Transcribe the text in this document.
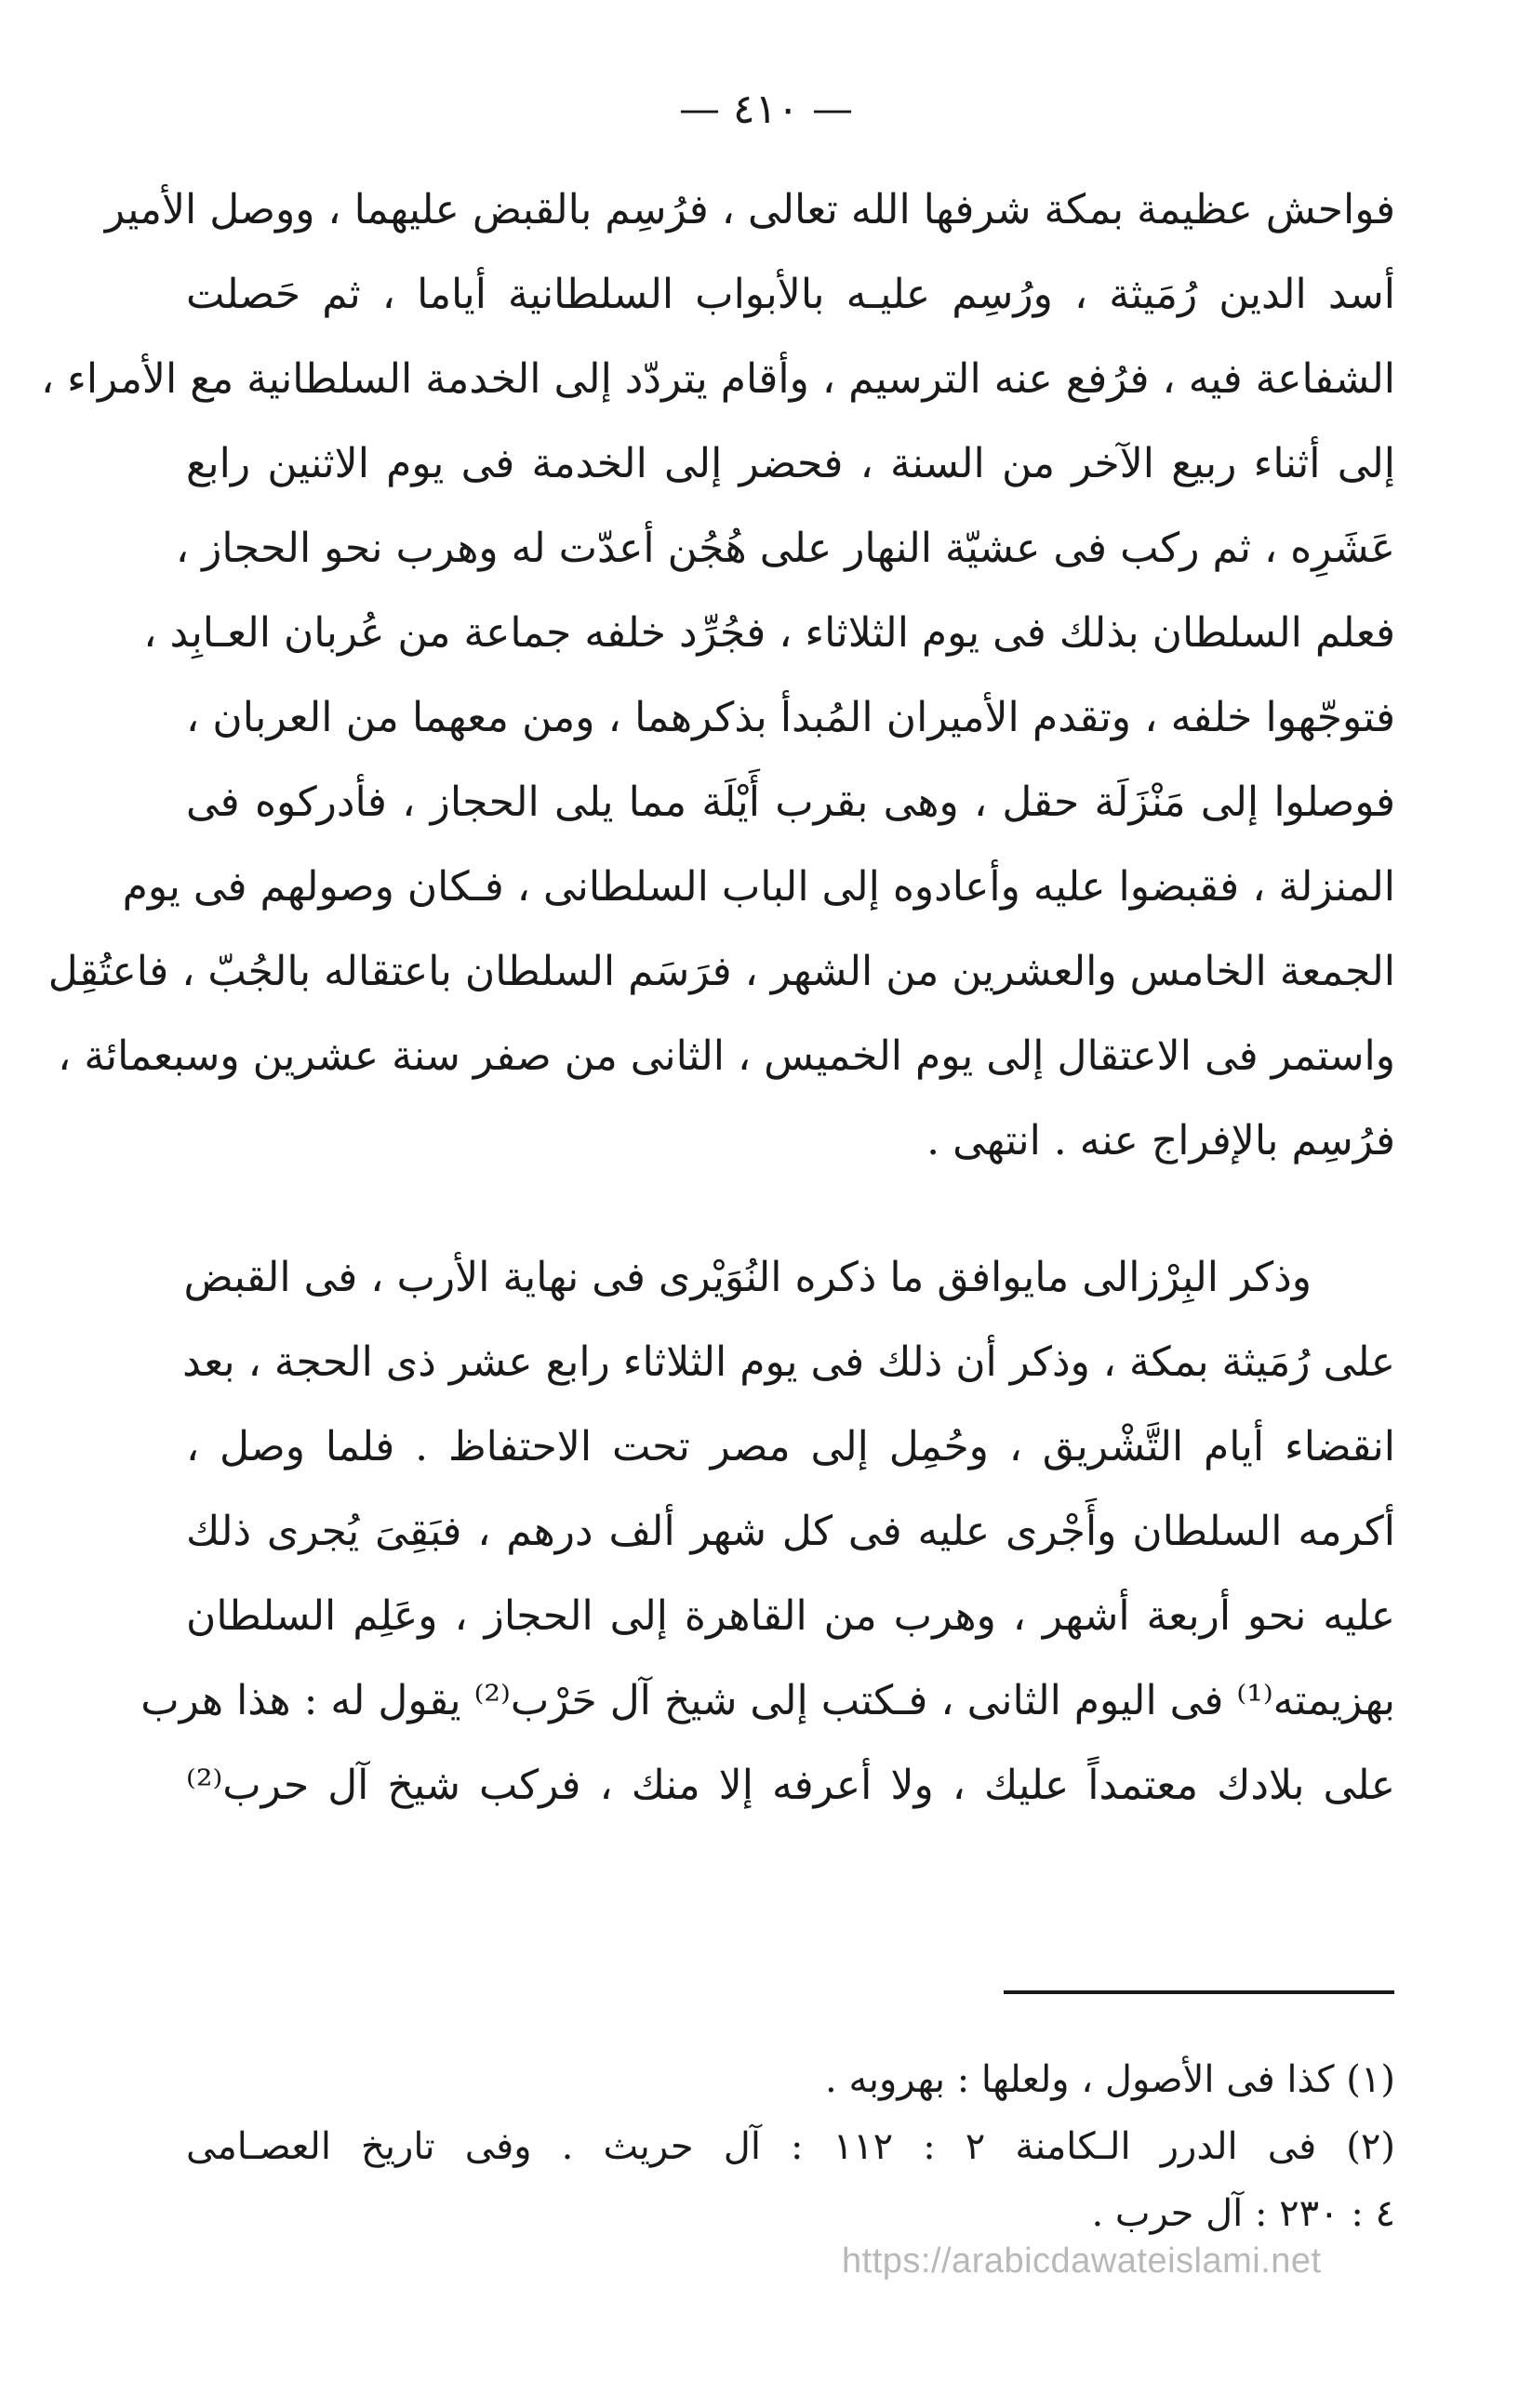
— ٤١٠ —
فواحش عظيمة بمكة شرفها الله تعالى ، فرُسِم بالقبض عليهما ، ووصل الأمير
أسد الدين رُمَيثة ، ورُسِم عليـه بالأبواب السلطانية أياما ، ثم حَصلت
الشفاعة فيه ، فرُفع عنه الترسيم ، وأقام يتردّد إلى الخدمة السلطانية مع الأمراء ،
إلى أثناء ربيع الآخر من السنة ، فحضر إلى الخدمة فى يوم الاثنين رابع
عَشَرِه ، ثم ركب فى عشيّة النهار على هُجُن أعدّت له وهرب نحو الحجاز ،
فعلم السلطان بذلك فى يوم الثلاثاء ، فجُرِّد خلفه جماعة من عُربان العـابِد ،
فتوجّهوا خلفه ، وتقدم الأميران المُبدأ بذكرهما ، ومن معهما من العربان ،
فوصلوا إلى مَنْزَلَة حقل ، وهى بقرب أَيْلَة مما يلى الحجاز ، فأدركوه فى
المنزلة ، فقبضوا عليه وأعادوه إلى الباب السلطانى ، فـكان وصولهم فى يوم
الجمعة الخامس والعشرين من الشهر ، فرَسَم السلطان باعتقاله بالجُبّ ، فاعتُقِل
واستمر فى الاعتقال إلى يوم الخميس ، الثانى من صفر سنة عشرين وسبعمائة ،
فرُسِم بالإفراج عنه . انتهى .
وذكر البِرْزالى مايوافق ما ذكره النُوَيْرى فى نهاية الأرب ، فى القبض
على رُمَيثة بمكة ، وذكر أن ذلك فى يوم الثلاثاء رابع عشر ذى الحجة ، بعد
انقضاء أيام التَّشْريق ، وحُمِل إلى مصر تحت الاحتفاظ . فلما وصل ،
أكرمه السلطان وأَجْرى عليه فى كل شهر ألف درهم ، فبَقِىَ يُجرى ذلك
عليه نحو أربعة أشهر ، وهرب من القاهرة إلى الحجاز ، وعَلِم السلطان
بهزيمته⁽¹⁾ فى اليوم الثانى ، فـكتب إلى شيخ آل حَرْب⁽²⁾ يقول له : هذا هرب
على بلادك معتمداً عليك ، ولا أعرفه إلا منك ، فركب شيخ آل حرب⁽²⁾
(١) كذا فى الأصول ، ولعلها : بهروبه .
(٢) فى الدرر الـكامنة ٢ : ١١٢ : آل حريث . وفى تاريخ العصـامى
٤ : ٢٣٠ : آل حرب .
https://arabicdawateislami.net
